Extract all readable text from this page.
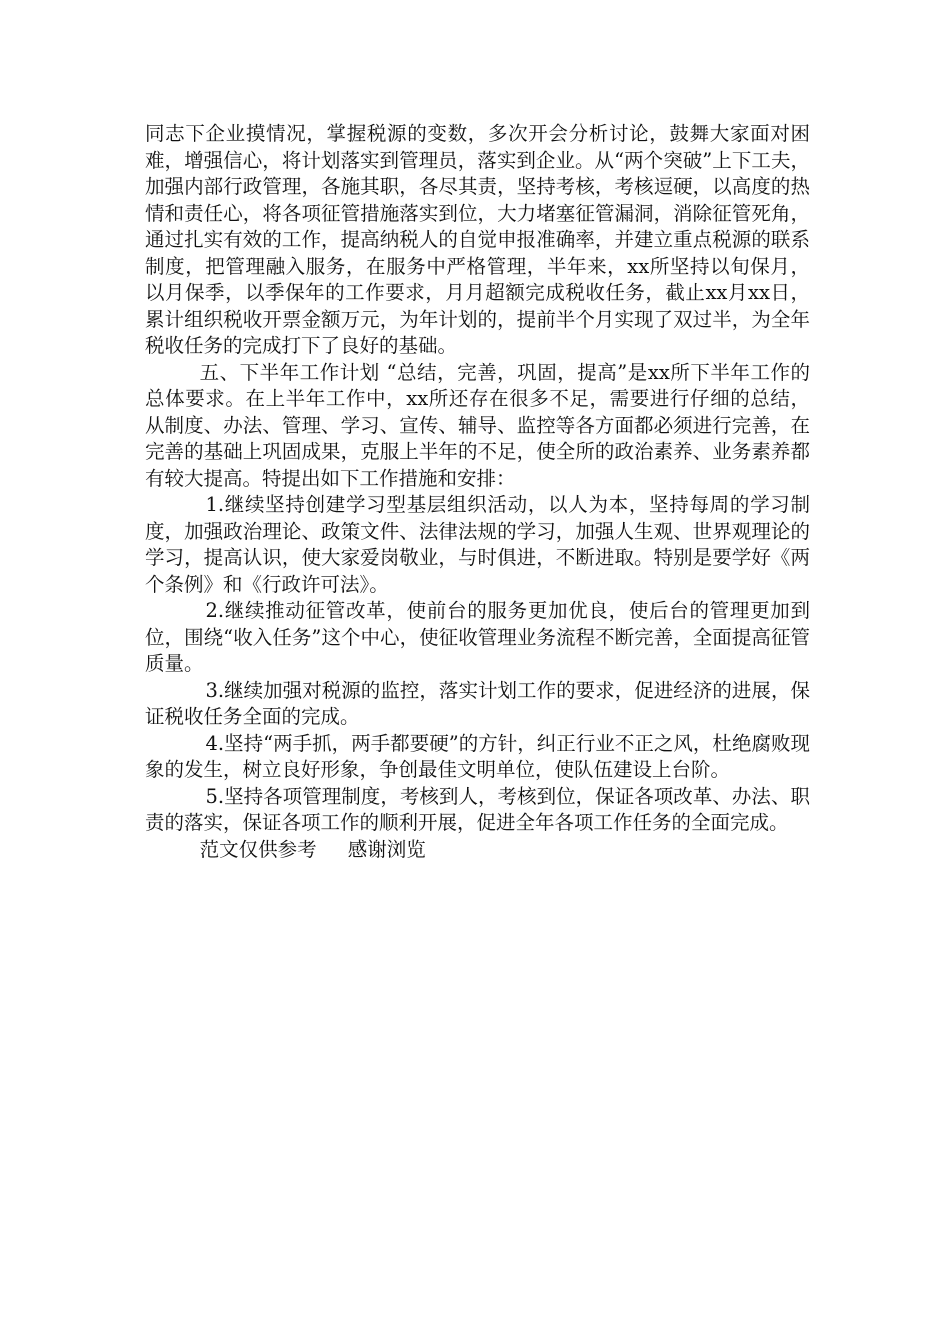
同志下企业摸情况，掌握税源的变数，多次开会分析讨论，鼓舞大家面对困难，增强信心，将计划落实到管理员，落实到企业。从“两个突破”上下工夫，加强内部行政管理，各施其职，各尽其责，坚持考核，考核逗硬，以高度的热情和责任心，将各项征管措施落实到位，大力堵塞征管漏洞，消除征管死角，通过扎实有效的工作，提高纳税人的自觉申报准确率，并建立重点税源的联系制度，把管理融入服务，在服务中严格管理，半年来，xx所坚持以旬保月，以月保季，以季保年的工作要求，月月超额完成税收任务，截止xx月xx日，累计组织税收开票金额万元，为年计划的，提前半个月实现了双过半，为全年税收任务的完成打下了良好的基础。

五、下半年工作计划 “总结，完善，巩固，提高”是xx所下半年工作的总体要求。在上半年工作中，xx所还存在很多不足，需要进行仔细的总结，从制度、办法、管理、学习、宣传、辅导、监控等各方面都必须进行完善，在完善的基础上巩固成果，克服上半年的不足，使全所的政治素养、业务素养都有较大提高。特提出如下工作措施和安排：

1.继续坚持创建学习型基层组织活动，以人为本，坚持每周的学习制度，加强政治理论、政策文件、法律法规的学习，加强人生观、世界观理论的学习，提高认识，使大家爱岗敬业，与时俱进，不断进取。特别是要学好《两个条例》和《行政许可法》。

2.继续推动征管改革，使前台的服务更加优良，使后台的管理更加到位，围绕“收入任务”这个中心，使征收管理业务流程不断完善，全面提高征管质量。

3.继续加强对税源的监控，落实计划工作的要求，促进经济的进展，保证税收任务全面的完成。

4.坚持“两手抓，两手都要硬”的方针，纠正行业不正之风，杜绝腐败现象的发生，树立良好形象，争创最佳文明单位，使队伍建设上台阶。

5.坚持各项管理制度，考核到人，考核到位，保证各项改革、办法、职责的落实，保证各项工作的顺利开展，促进全年各项工作任务的全面完成。

范文仅供参考 感谢浏览
